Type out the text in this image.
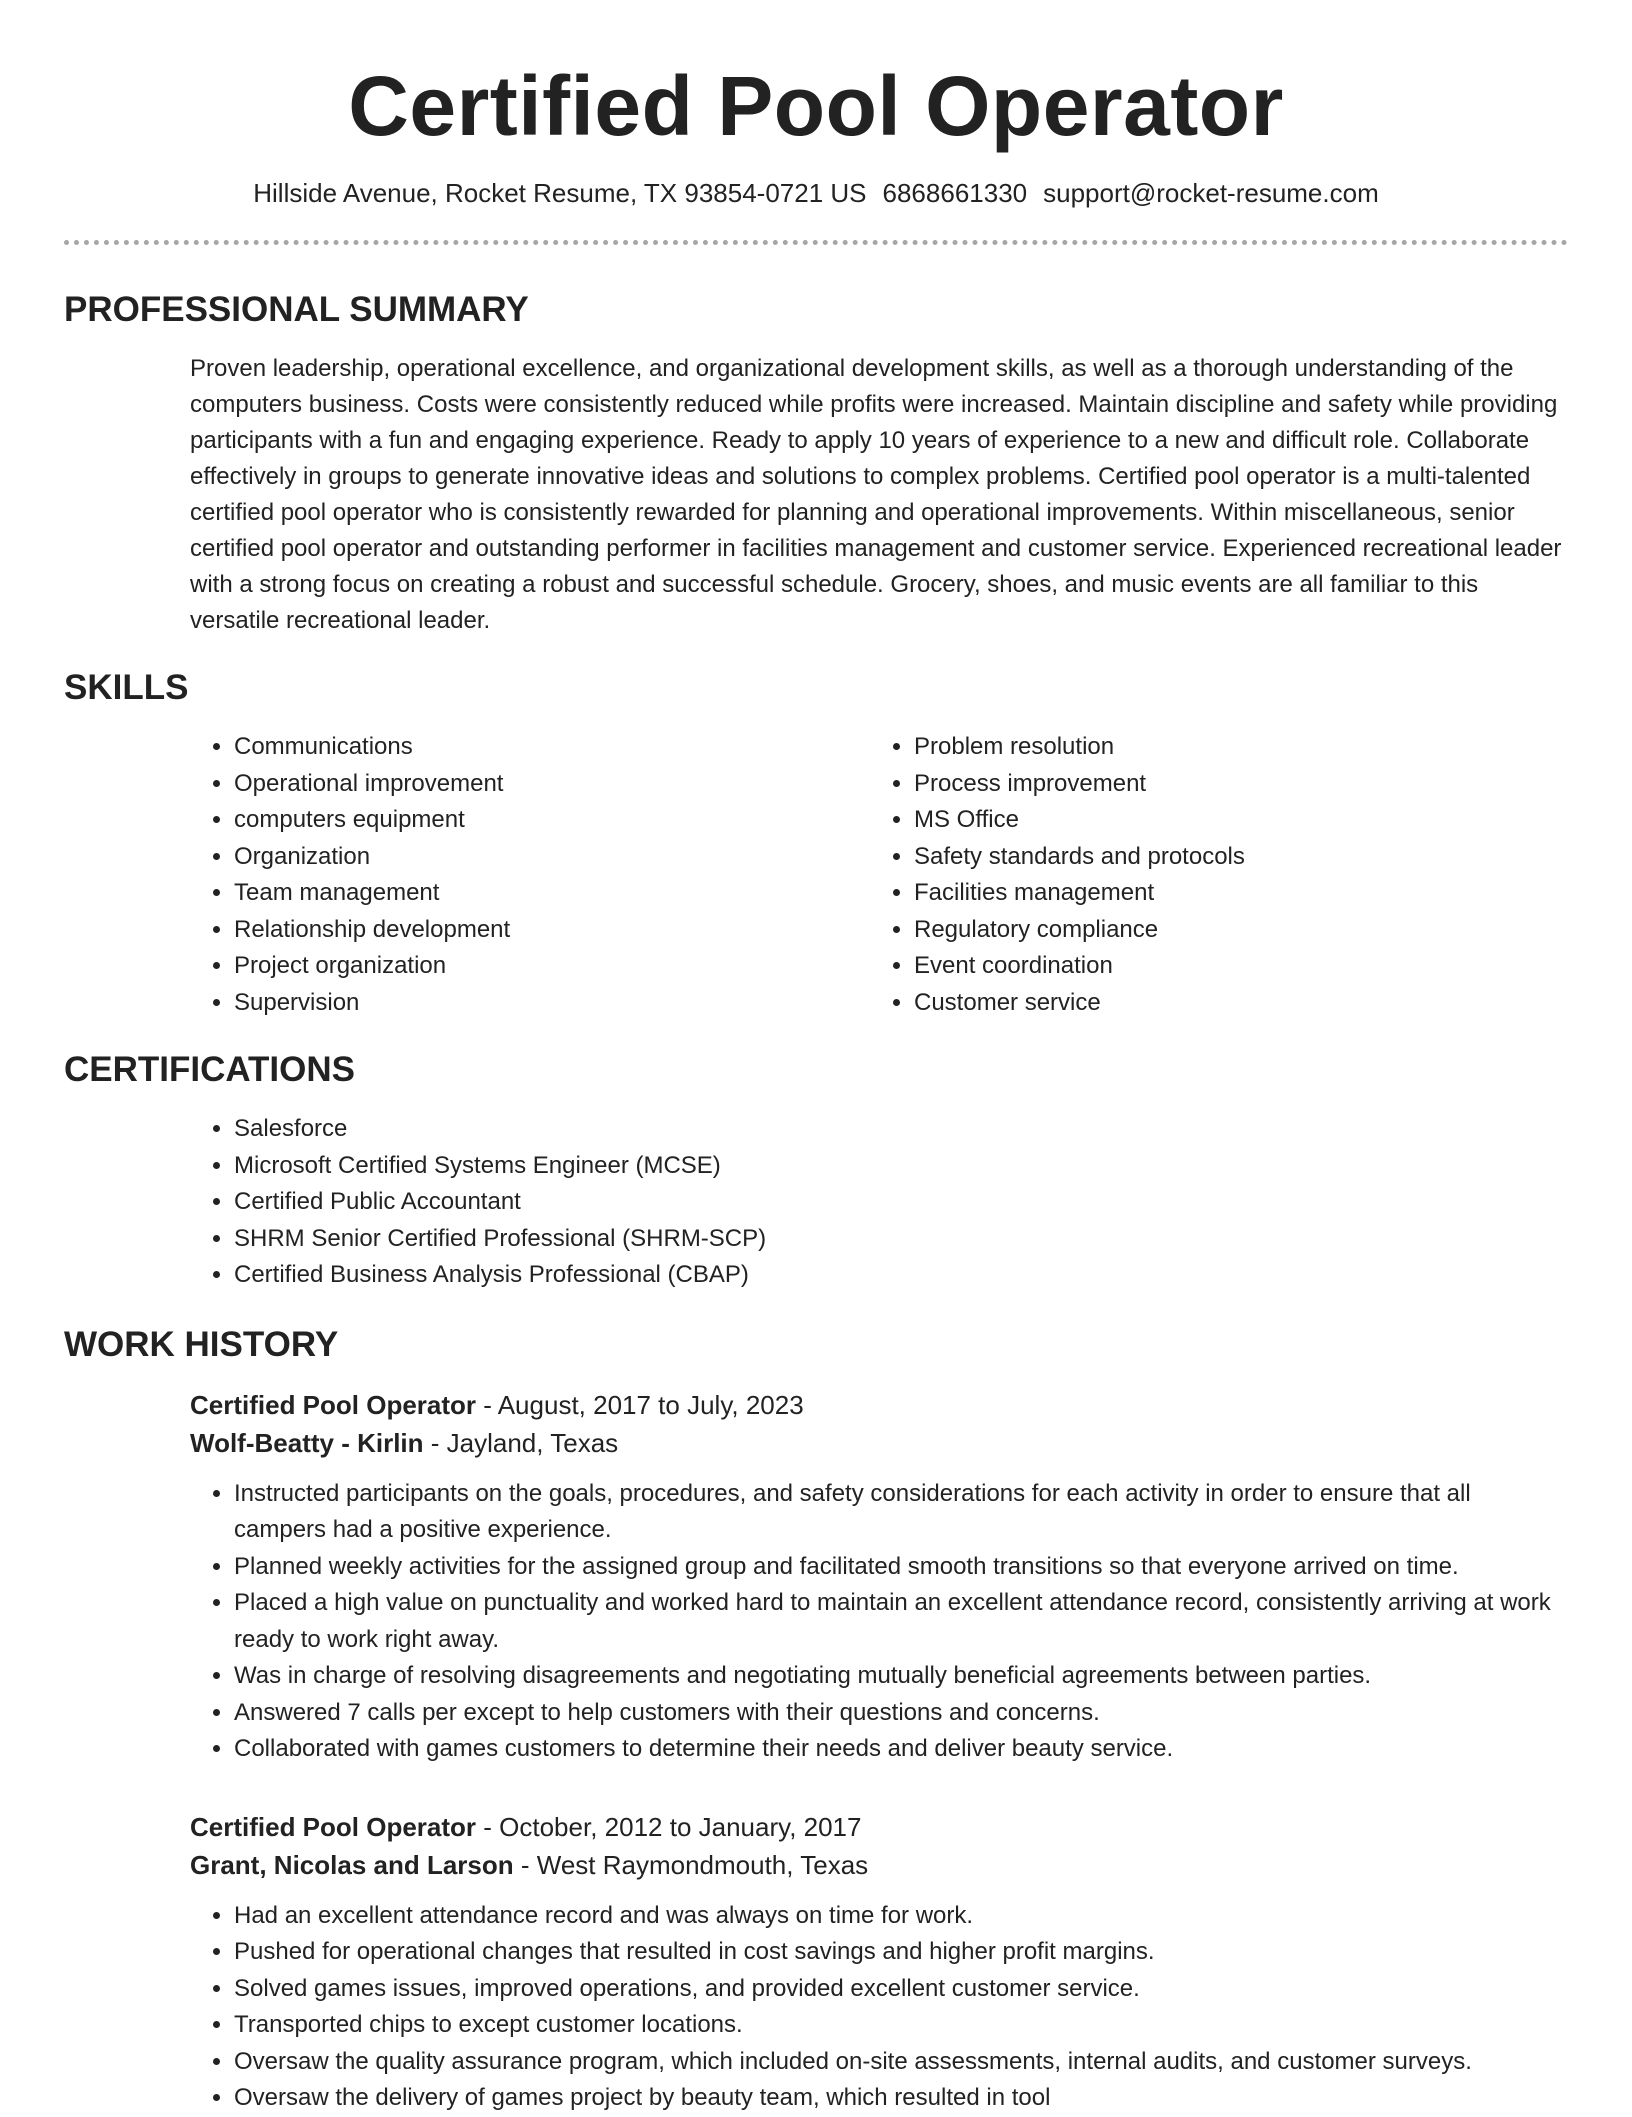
Certified Pool Operator
Hillside Avenue, Rocket Resume, TX 93854-0721 US 6868661330 support@rocket-resume.com
PROFESSIONAL SUMMARY
Proven leadership, operational excellence, and organizational development skills, as well as a thorough understanding of the computers business. Costs were consistently reduced while profits were increased. Maintain discipline and safety while providing participants with a fun and engaging experience. Ready to apply 10 years of experience to a new and difficult role. Collaborate effectively in groups to generate innovative ideas and solutions to complex problems. Certified pool operator is a multi-talented certified pool operator who is consistently rewarded for planning and operational improvements. Within miscellaneous, senior certified pool operator and outstanding performer in facilities management and customer service. Experienced recreational leader with a strong focus on creating a robust and successful schedule. Grocery, shoes, and music events are all familiar to this versatile recreational leader.
SKILLS
• Communications
• Operational improvement
• computers equipment
• Organization
• Team management
• Relationship development
• Project organization
• Supervision
• Problem resolution
• Process improvement
• MS Office
• Safety standards and protocols
• Facilities management
• Regulatory compliance
• Event coordination
• Customer service
CERTIFICATIONS
• Salesforce
• Microsoft Certified Systems Engineer (MCSE)
• Certified Public Accountant
• SHRM Senior Certified Professional (SHRM-SCP)
• Certified Business Analysis Professional (CBAP)
WORK HISTORY
Certified Pool Operator - August, 2017 to July, 2023
Wolf-Beatty - Kirlin - Jayland, Texas
• Instructed participants on the goals, procedures, and safety considerations for each activity in order to ensure that all campers had a positive experience.
• Planned weekly activities for the assigned group and facilitated smooth transitions so that everyone arrived on time.
• Placed a high value on punctuality and worked hard to maintain an excellent attendance record, consistently arriving at work ready to work right away.
• Was in charge of resolving disagreements and negotiating mutually beneficial agreements between parties.
• Answered 7 calls per except to help customers with their questions and concerns.
• Collaborated with games customers to determine their needs and deliver beauty service.
Certified Pool Operator - October, 2012 to January, 2017
Grant, Nicolas and Larson - West Raymondmouth, Texas
• Had an excellent attendance record and was always on time for work.
• Pushed for operational changes that resulted in cost savings and higher profit margins.
• Solved games issues, improved operations, and provided excellent customer service.
• Transported chips to except customer locations.
• Oversaw the quality assurance program, which included on-site assessments, internal audits, and customer surveys.
• Oversaw the delivery of games project by beauty team, which resulted in tool
